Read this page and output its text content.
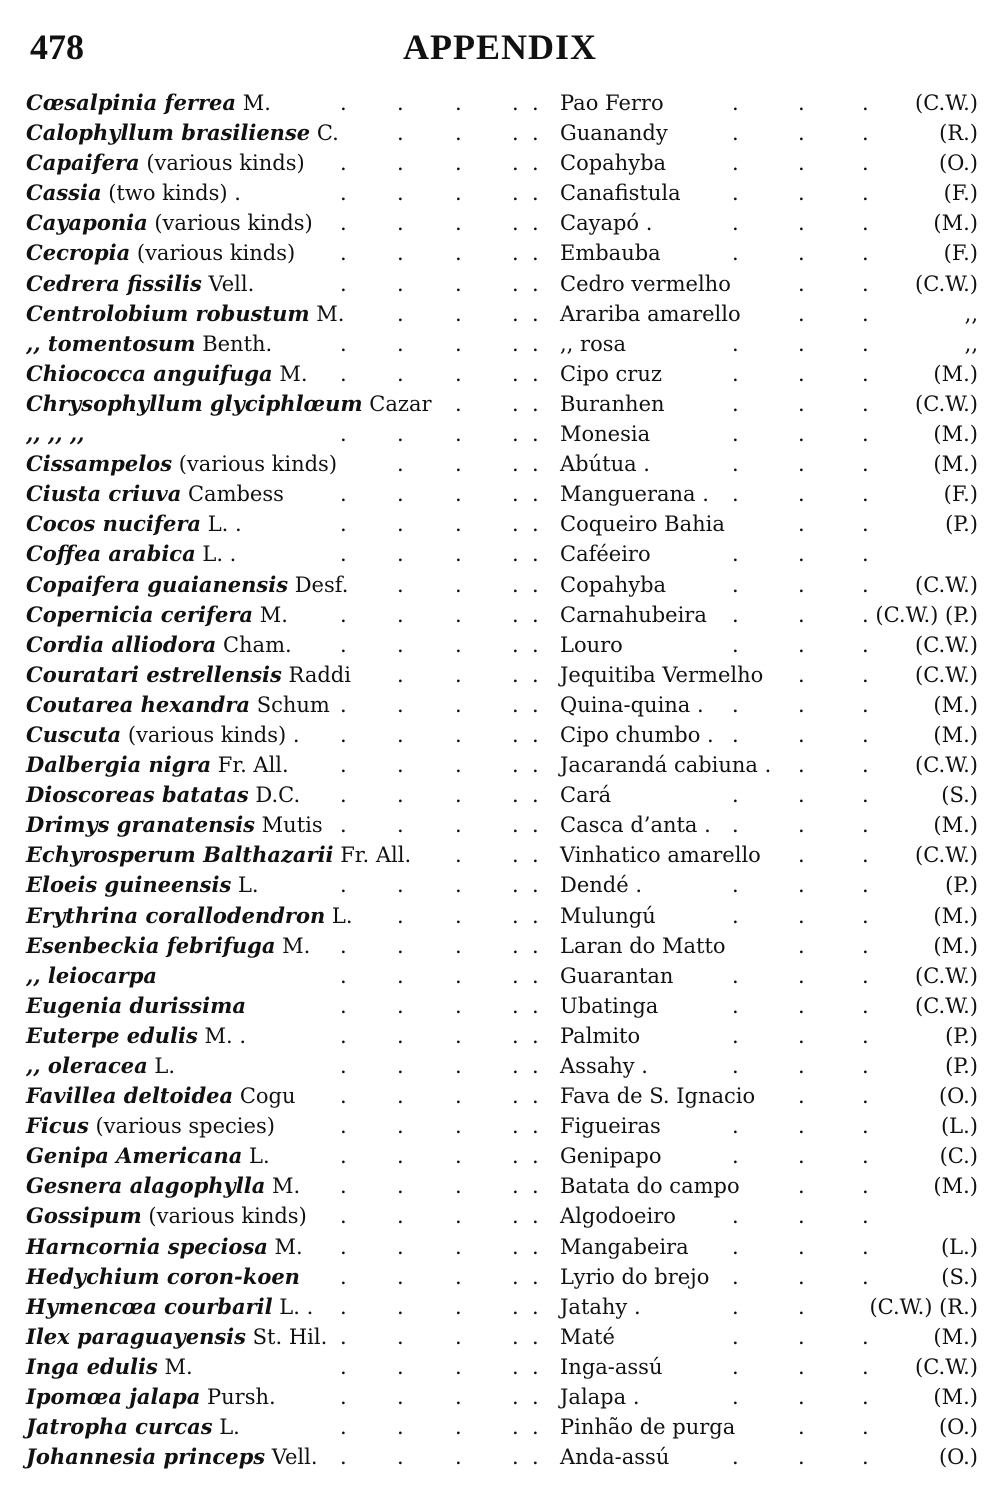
478	APPENDIX
Cœsalpinia ferrea M.	Pao Ferro	(C.W.)
. . . . .	.	.	.
Calophyllum brasiliense C.	Guanandy	(R.)
. . . .	.	.	.
Capaifera (various kinds)	Copahyba	(O.)
. . . . .	.	.	.
Cassia (two kinds) .	Canafistula	(F.)
. . . . .	.	.	.
Cayaponia (various kinds)	Cayapó .	(M.)
. . . . .	.	.	.
Cecropia (various kinds)	Embauba	(F.)
. . . . .	.	.	.
Cedrera fissilis Vell.	Cedro vermelho	(C.W.)
. . . . .	.	.
Centrolobium robustum M.	Arariba amarello	,,
. . . .	.	.
,, tomentosum Benth.	,, rosa	,,
. . . . .	.	.	.
Chiococca anguifuga M.	Cipo cruz	(M.)
. . . . .	.	.	.
Chrysophyllum glyciphlœum Cazar	Buranhen	(C.W.)
. . .	.	.	.
,, ,, ,,	Monesia	(M.)
. . . . .	.	.	.
Cissampelos (various kinds)	Abútua .	(M.)
. . . .	.	.	.
Ciusta criuva Cambess	Manguerana .	(F.)
. . . . .	.	.	.
Cocos nucifera L. .	Coqueiro Bahia	(P.)
. . . . .	.	.
Coffea arabica L. .	Caféeiro
. . . . .	.	.	.
Copaifera guaianensis Desf.	Copahyba	(C.W.)
. . . .	.	.	.
Copernicia cerifera M.	Carnahubeira	(C.W.) (P.)
. . . . .	.	.	.
Cordia alliodora Cham.	Louro	(C.W.)
. . . . .	.	.	.
Couratari estrellensis Raddi	Jequitiba Vermelho	(C.W.)
. . . .	.	.
Coutarea hexandra Schum	Quina-quina .	(M.)
. . . . .	.	.	.
Cuscuta (various kinds) .	Cipo chumbo .	(M.)
. . . . .	.	.	.
Dalbergia nigra Fr. All.	Jacarandá cabiuna .	(C.W.)
. . . . .	.	.
Dioscoreas batatas D.C.	Cará	(S.)
. . . . .	.	.	.
Drimys granatensis Mutis	Casca d’anta .	(M.)
. . . . .	.	.	.
Echyrosperum Balthazarii Fr. All.	Vinhatico amarello	(C.W.)
. . .	.	.
Eloeis guineensis L.	Dendé .	(P.)
. . . . .	.	.	.
Erythrina corallodendron L.	Mulungú	(M.)
. . . .	.	.	.
Esenbeckia febrifuga M.	Laran do Matto	(M.)
. . . . .	.	.
,, leiocarpa	Guarantan	(C.W.)
. . . . .	.	.	.
Eugenia durissima	Ubatinga	(C.W.)
. . . . .	.	.	.
Euterpe edulis M. .	Palmito	(P.)
. . . . .	.	.	.
,, oleracea L.	Assahy .	(P.)
. . . . .	.	.	.
Favillea deltoidea Cogu	Fava de S. Ignacio	(O.)
. . . . .	.	.
Ficus (various species)	Figueiras	(L.)
. . . . .	.	.	.
Genipa Americana L.	Genipapo	(C.)
. . . . .	.	.	.
Gesnera alagophylla M.	Batata do campo	(M.)
. . . . .	.	.
Gossipum (various kinds)	Algodoeiro
. . . . .	.	.	.
Harncornia speciosa M.	Mangabeira	(L.)
. . . . .	.	.	.
Hedychium coron-koen	Lyrio do brejo	(S.)
. . . . .	.	.	.
Hymencœa courbaril L. .	Jatahy .	(C.W.) (R.)
. . . . .	.	.
Ilex paraguayensis St. Hil.	Maté	(M.)
. . . . .	.	.	.
Inga edulis M.	Inga-assú	(C.W.)
. . . . .	.	.	.
Ipomœa jalapa Pursh.	Jalapa .	(M.)
. . . . .	.	.	.
Jatropha curcas L.	Pinhão de purga	(O.)
. . . . .	.	.
Johannesia princeps Vell.	Anda-assú	(O.)
. . . . .	.	.	.
